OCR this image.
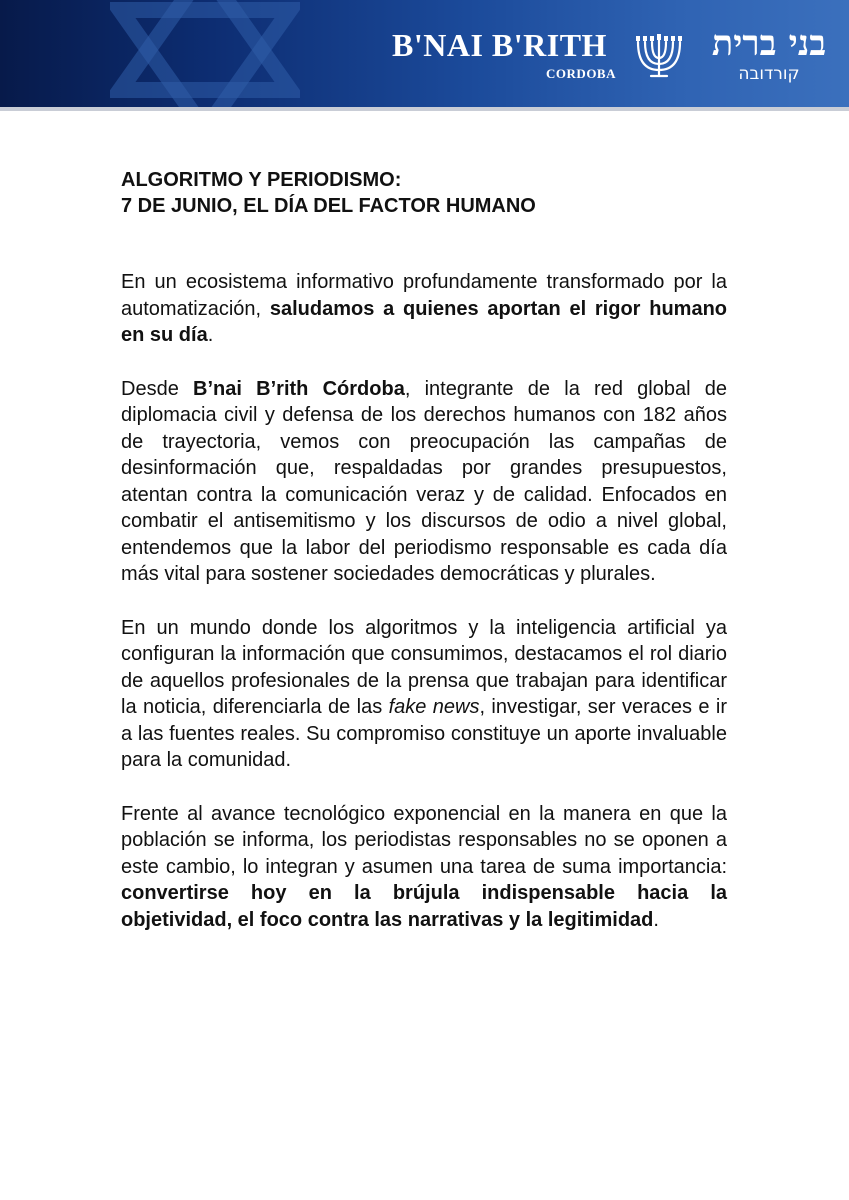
B'NAI B'RITH
CORDOBA
בני ברית
קורדובה
ALGORITMO Y PERIODISMO:
7 DE JUNIO, EL DÍA DEL FACTOR HUMANO

En un ecosistema informativo profundamente transformado por la automatización, saludamos a quienes aportan el rigor humano en su día.

Desde B’nai B’rith Córdoba, integrante de la red global de diplomacia civil y defensa de los derechos humanos con 182 años de trayectoria, vemos con preocupación las campañas de desinformación que, respaldadas por grandes presupuestos, atentan contra la comunicación veraz y de calidad. Enfocados en combatir el antisemitismo y los discursos de odio a nivel global, entendemos que la labor del periodismo responsable es cada día más vital para sostener sociedades democráticas y plurales.

En un mundo donde los algoritmos y la inteligencia artificial ya configuran la información que consumimos, destacamos el rol diario de aquellos profesionales de la prensa que trabajan para identificar la noticia, diferenciarla de las fake news, investigar, ser veraces e ir a las fuentes reales. Su compromiso constituye un aporte invaluable para la comunidad.

Frente al avance tecnológico exponencial en la manera en que la población se informa, los periodistas responsables no se oponen a este cambio, lo integran y asumen una tarea de suma importancia: convertirse hoy en la brújula indispensable hacia la objetividad, el foco contra las narrativas y la legitimidad.
